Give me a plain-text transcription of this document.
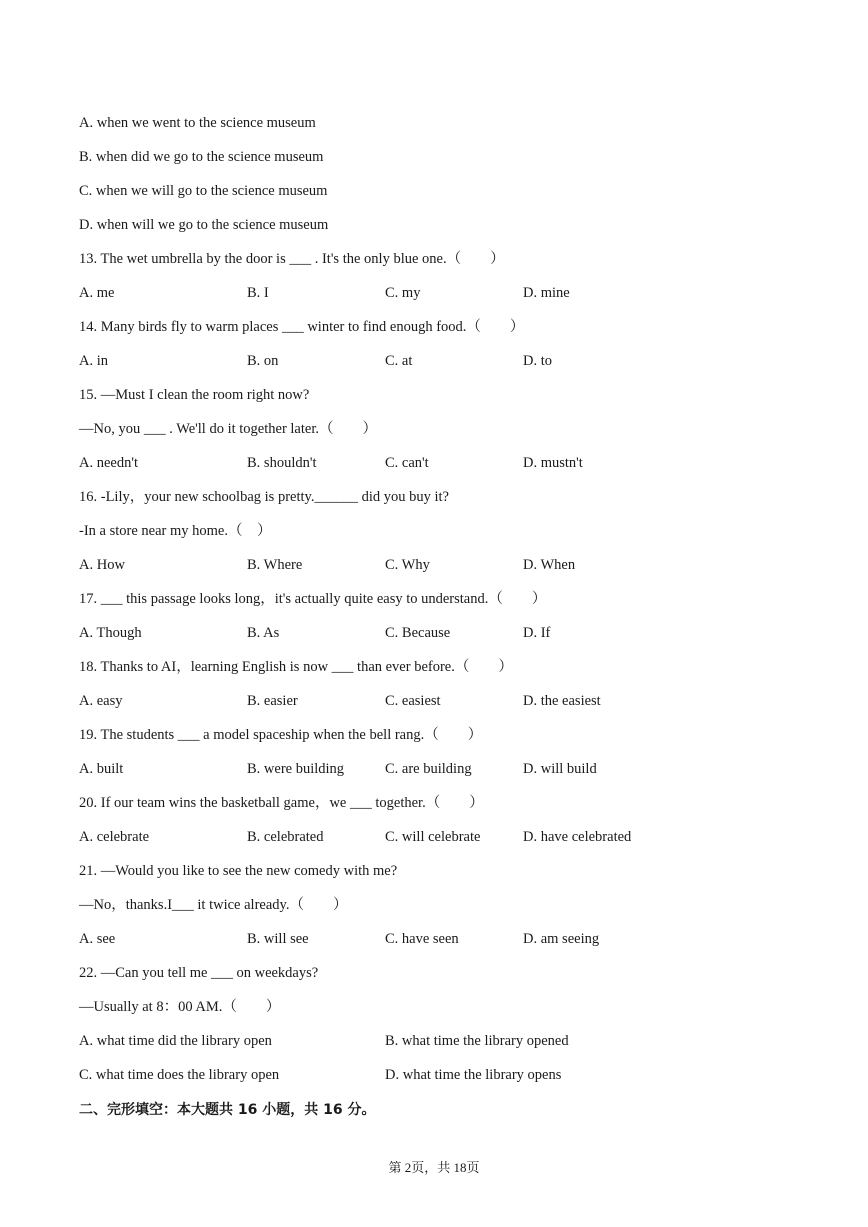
A. when we went to the science museum
B. when did we go to the science museum
C. when we will go to the science museum
D. when will we go to the science museum
13. The wet umbrella by the door is ___ . It's the only blue one.（　　）
A. me	B. I	C. my	D. mine
14. Many birds fly to warm places ___ winter to find enough food.（　　）
A. in	B. on	C. at	D. to
15. —Must I clean the room right now?
—No, you ___ . We'll do it together later.（　　）
A. needn't	B. shouldn't	C. can't	D. mustn't
16. -Lily，your new schoolbag is pretty.______ did you buy it?
-In a store near my home.（　）
A. How	B. Where	C. Why	D. When
17. ___ this passage looks long，it's actually quite easy to understand.（　　）
A. Though	B. As	C. Because	D. If
18. Thanks to AI，learning English is now ___ than ever before.（　　）
A. easy	B. easier	C. easiest	D. the easiest
19. The students ___ a model spaceship when the bell rang.（　　）
A. built	B. were building	C. are building	D. will build
20. If our team wins the basketball game，we ___ together.（　　）
A. celebrate	B. celebrated	C. will celebrate	D. have celebrated
21. —Would you like to see the new comedy with me?
—No，thanks.I___ it twice already.（　　）
A. see	B. will see	C. have seen	D. am seeing
22. —Can you tell me ___ on weekdays?
—Usually at 8：00 AM.（　　）
A. what time did the library open	B. what time the library opened
C. what time does the library open	D. what time the library opens
二、完形填空：本大题共 16 小题，共 16 分。
第 2页，共 18页
